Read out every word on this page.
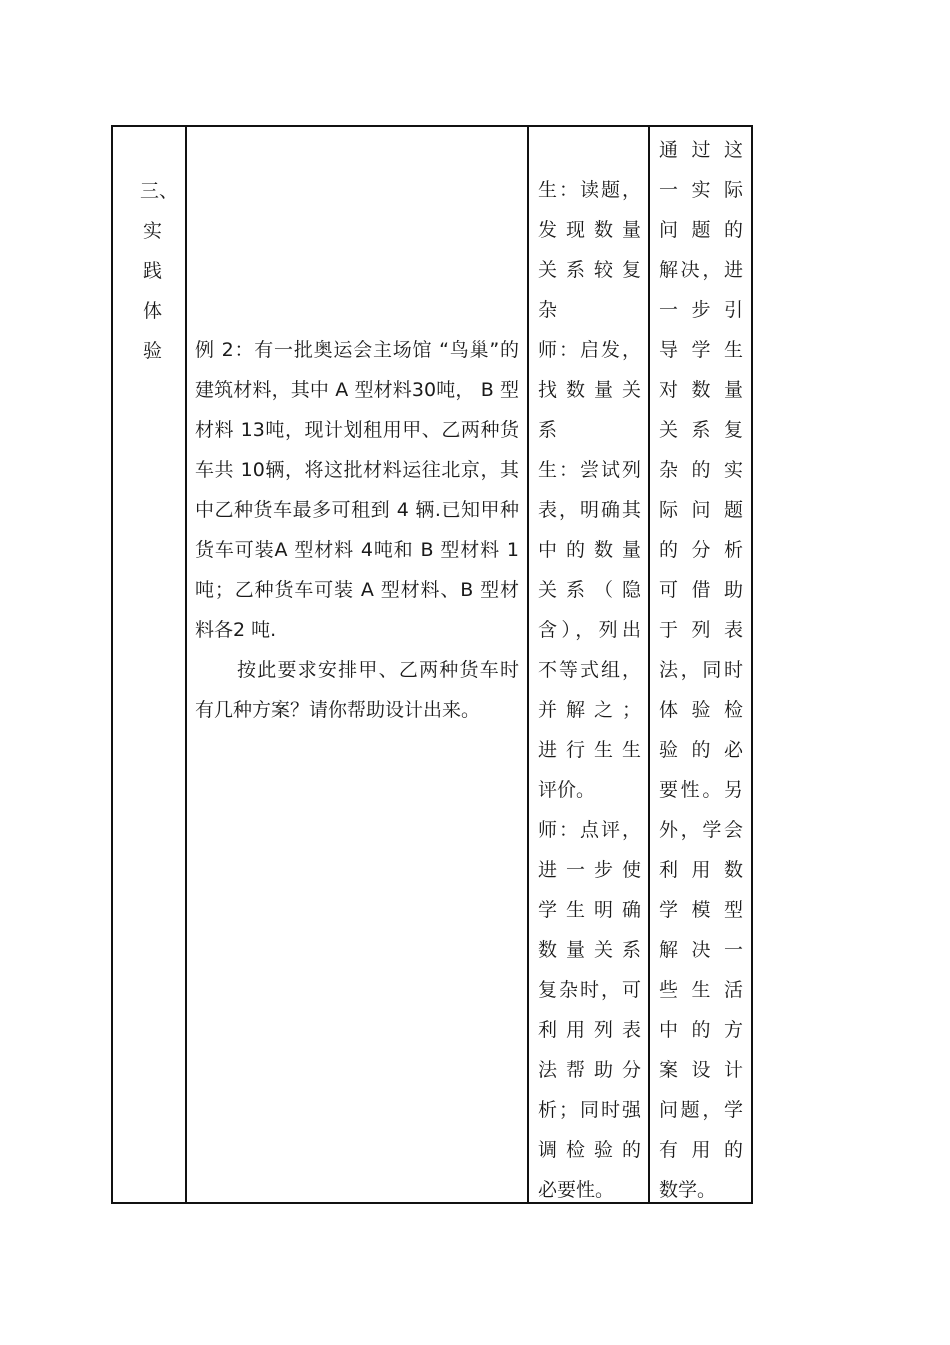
三、
实
践
体
验	例 2：有一批奥运会主场馆 “鸟巢”的建筑材料，其中 A 型材料30吨， B 型材料 13吨，现计划租用甲、乙两种货车共 10辆，将这批材料运往北京，其中乙种货车最多可租到 4 辆.已知甲种货车可装A 型材料 4吨和 B 型材料 1吨；乙种货车可装 A 型材料、B 型材料各2 吨.

按此要求安排甲、乙两种货车时有几种方案？请你帮助设计出来。

生：读题，
发现数量
关系较复
杂
师：启发，
找数量关
系
生：尝试列
表，明确其
中的数量
关系（隐
含），列出
不等式组，
并解之；
进行生生
评价。
师：点评，
进一步使
学生明确
数量关系
复杂时，可
利用列表
法帮助分
析；同时强
调检验的
必要性。
通过这
一实际
问题的
解决，进
一步引
导学生
对数量
关系复
杂的实
际问题
的分析
可借助
于列表
法，同时
体验检
验的必
要性。另
外，学会
利用数
学模型
解决一
些生活
中的方
案设计
问题，学
有用的
数学。
